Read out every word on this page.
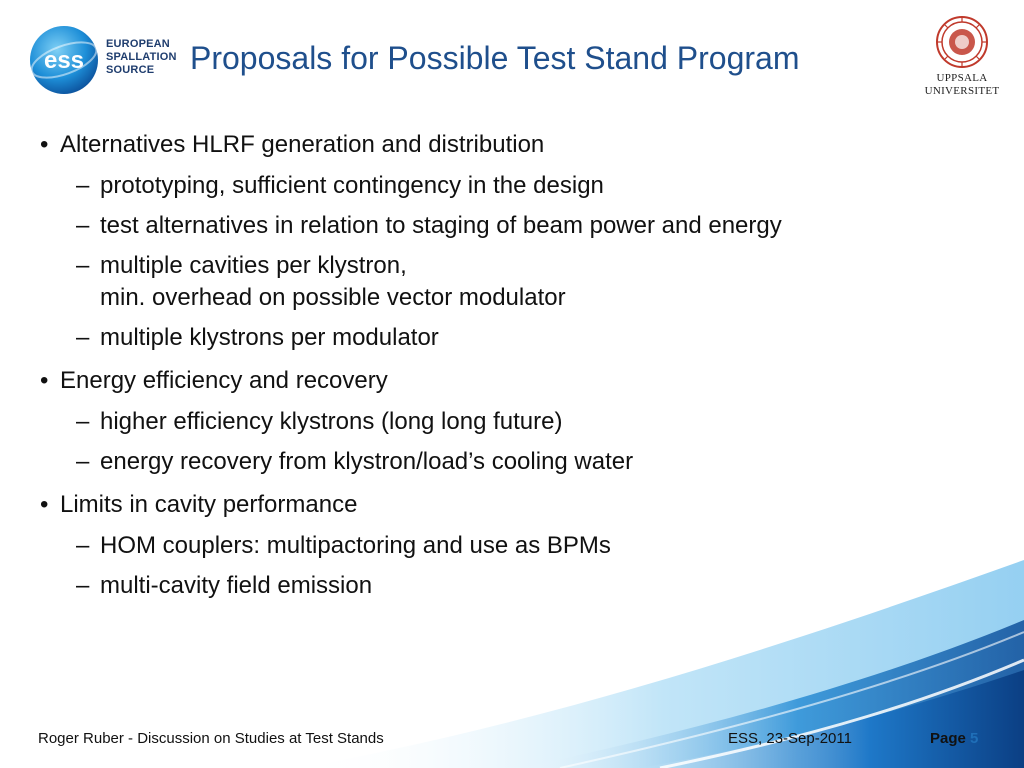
ess
EUROPEAN
SPALLATION
SOURCE	Proposals for Possible Test Stand Program
UPPSALA
UNIVERSITET
• Alternatives HLRF generation and distribution
– prototyping, sufficient contingency in the design
– test alternatives in relation to staging of beam power and energy
– multiple cavities per klystron,
min. overhead on possible vector modulator
– multiple klystrons per modulator
• Energy efficiency and recovery
– higher efficiency klystrons (long long future)
– energy recovery from klystron/load’s cooling water
• Limits in cavity performance
– HOM couplers: multipactoring and use as BPMs
– multi-cavity field emission
Roger Ruber - Discussion on Studies at Test Stands	ESS, 23-Sep-2011	Page 5
